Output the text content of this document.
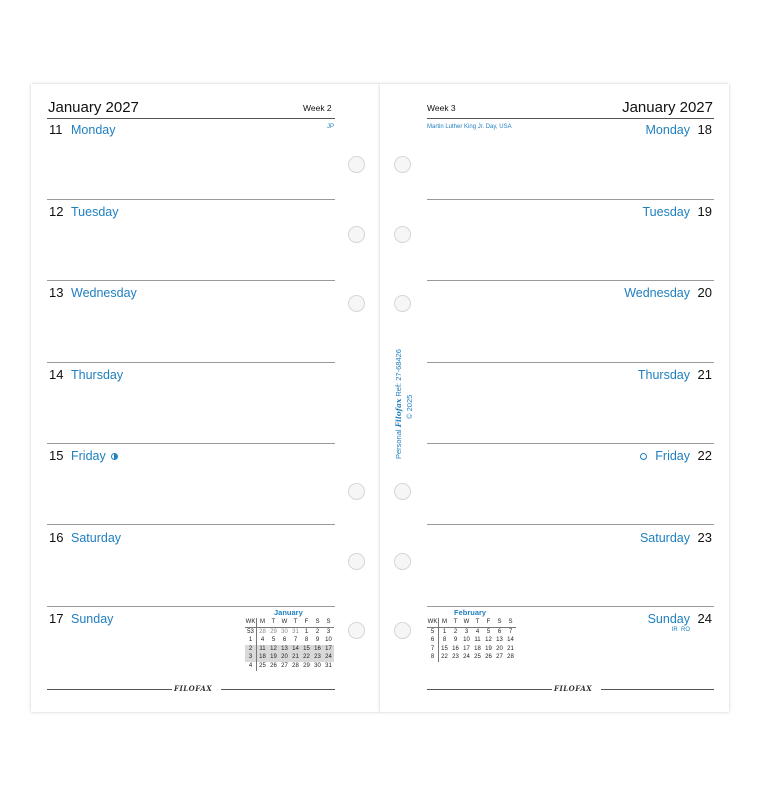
January 2027	Week 2
JP
11 Monday
12 Tuesday
13 Wednesday
14 Thursday
15 Friday
16 Saturday
17 Sunday	January
WK	M	T	W	T	F	S	S
53	28	29	30	31	1	2	3
1	4	5	6	7	8	9	10
2	11	12	13	14	15	16	17
3	18	19	20	21	22	23	24
4	25	26	27	28	29	30	31
FILOFAX
Personal Filofax Ref: 27-68426
© 2025
Week 3	January 2027
Martin Luther King Jr. Day, USA	Monday 18
Tuesday 19
Wednesday 20
Thursday 21
Friday 22
Saturday 23
Sunday 24
IR  RO
February
WK	M	T	W	T	F	S	S
5	1	2	3	4	5	6	7
6	8	9	10	11	12	13	14
7	15	16	17	18	19	20	21
8	22	23	24	25	26	27	28
FILOFAX
